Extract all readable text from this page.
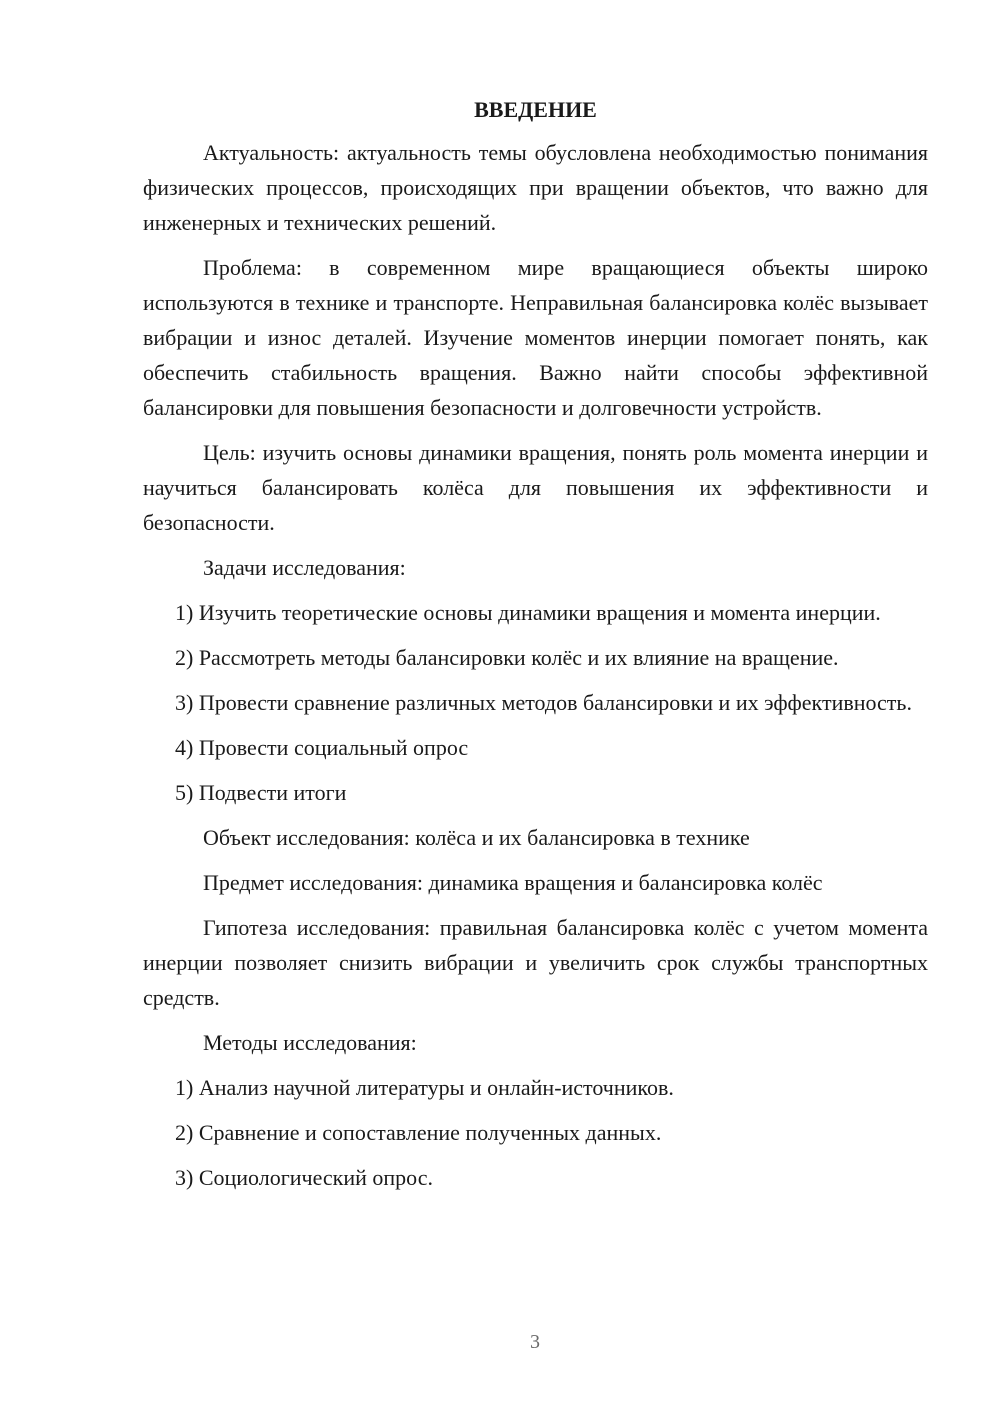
ВВЕДЕНИЕ

Актуальность: актуальность темы обусловлена необходимостью понимания физических процессов, происходящих при вращении объектов, что важно для инженерных и технических решений.

Проблема: в современном мире вращающиеся объекты широко используются в технике и транспорте. Неправильная балансировка колёс вызывает вибрации и износ деталей. Изучение моментов инерции помогает понять, как обеспечить стабильность вращения. Важно найти способы эффективной балансировки для повышения безопасности и долговечности устройств.

Цель: изучить основы динамики вращения, понять роль момента инерции и научиться балансировать колёса для повышения их эффективности и безопасности.

Задачи исследования:

1) Изучить теоретические основы динамики вращения и момента инерции.

2) Рассмотреть методы балансировки колёс и их влияние на вращение.

3) Провести сравнение различных методов балансировки и их эффективность.

4) Провести социальный опрос

5) Подвести итоги

Объект исследования: колёса и их балансировка в технике

Предмет исследования: динамика вращения и балансировка колёс

Гипотеза исследования: правильная балансировка колёс с учетом момента инерции позволяет снизить вибрации и увеличить срок службы транспортных средств.

Методы исследования:

1) Анализ научной литературы и онлайн-источников.

2) Сравнение и сопоставление полученных данных.

3) Социологический опрос.

3
